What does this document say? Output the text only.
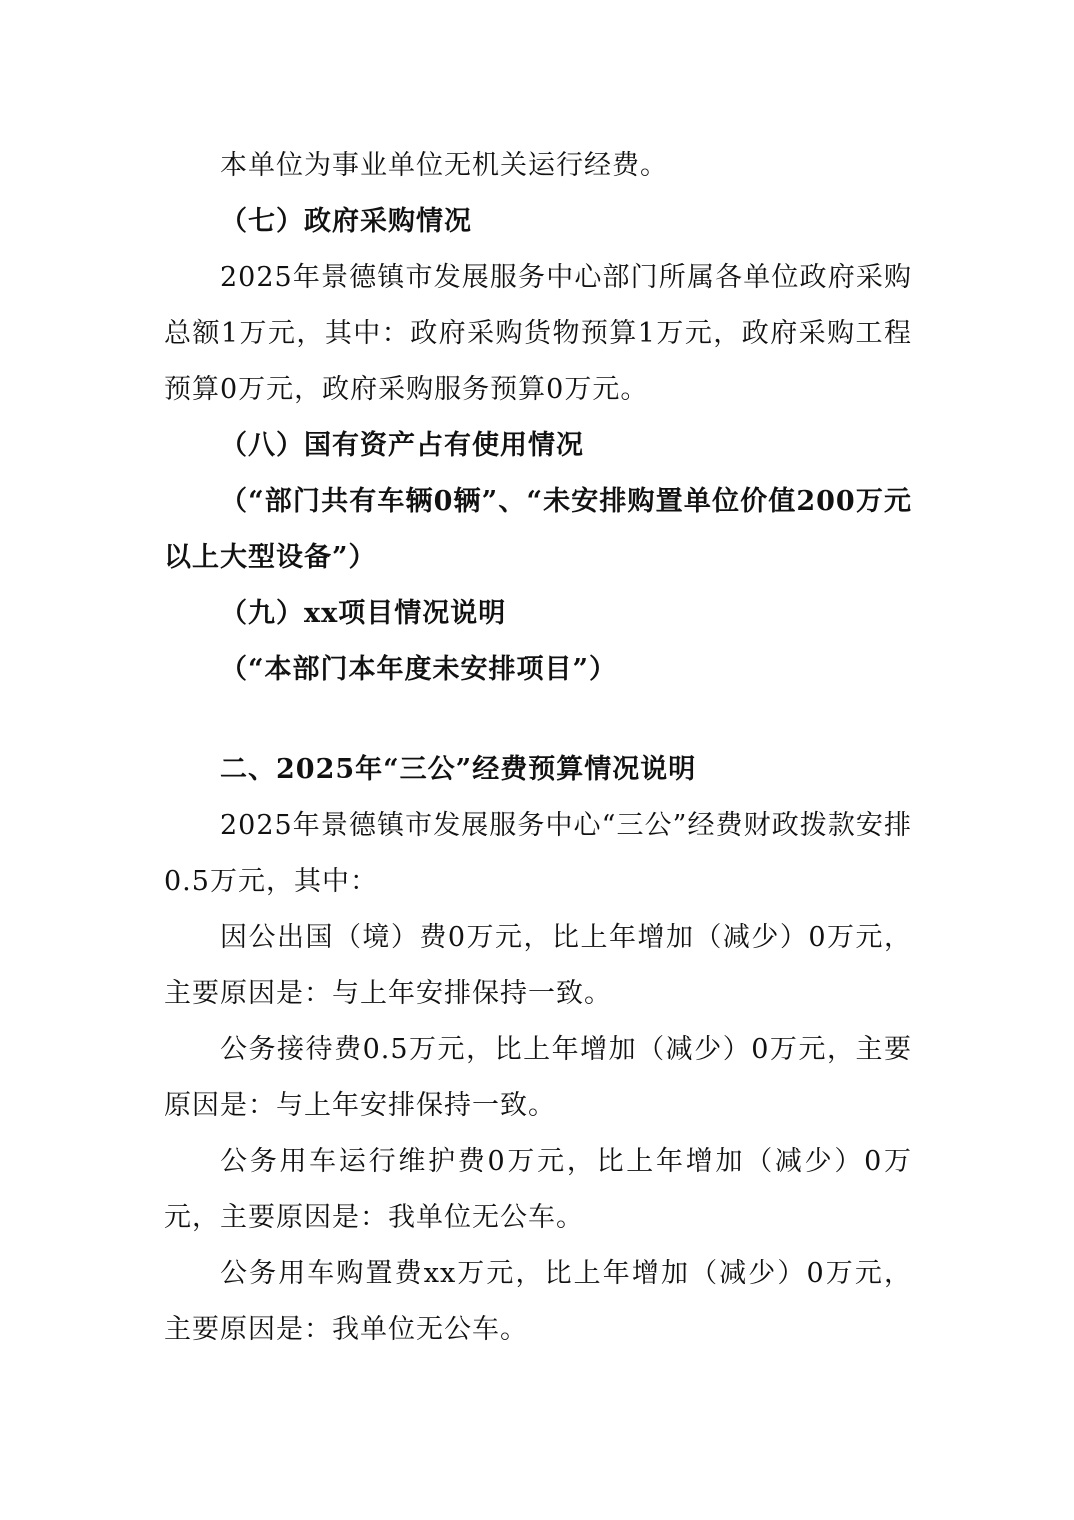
本单位为事业单位无机关运行经费。

（七）政府采购情况

2025年景德镇市发展服务中心部门所属各单位政府采购总额1万元，其中：政府采购货物预算1万元，政府采购工程预算0万元，政府采购服务预算0万元。

（八）国有资产占有使用情况

（“部门共有车辆0辆”、“未安排购置单位价值200万元以上大型设备”）

（九）xx项目情况说明

（“本部门本年度未安排项目”）

二、2025年“三公”经费预算情况说明

2025年景德镇市发展服务中心“三公”经费财政拨款安排0.5万元，其中：

因公出国（境）费0万元，比上年增加（减少）0万元，主要原因是：与上年安排保持一致。

公务接待费0.5万元，比上年增加（减少）0万元，主要原因是：与上年安排保持一致。

公务用车运行维护费0万元，比上年增加（减少）0万元，主要原因是：我单位无公车。

公务用车购置费xx万元，比上年增加（减少）0万元，主要原因是：我单位无公车。
